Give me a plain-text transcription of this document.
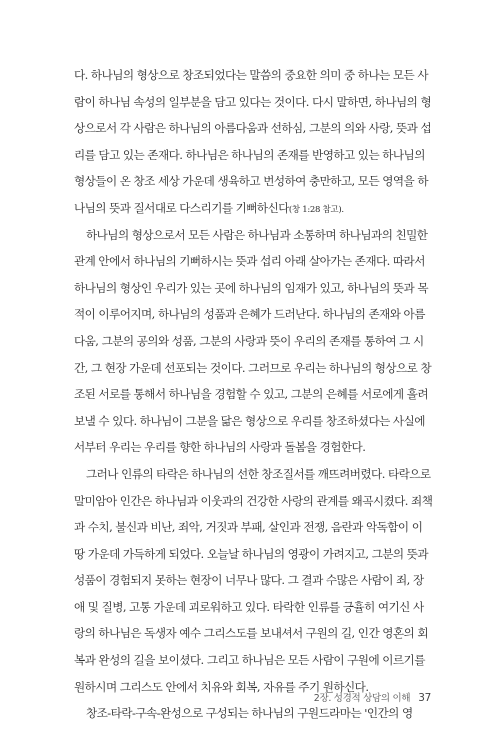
다. 하나님의 형상으로 창조되었다는 말씀의 중요한 의미 중 하나는 모든 사
람이 하나님 속성의 일부분을 담고 있다는 것이다. 다시 말하면, 하나님의 형
상으로서 각 사람은 하나님의 아름다움과 선하심, 그분의 의와 사랑, 뜻과 섭
리를 담고 있는 존재다. 하나님은 하나님의 존재를 반영하고 있는 하나님의
형상들이 온 창조 세상 가운데 생육하고 번성하여 충만하고, 모든 영역을 하
나님의 뜻과 질서대로 다스리기를 기뻐하신다(창 1:28 참고).
하나님의 형상으로서 모든 사람은 하나님과 소통하며 하나님과의 친밀한
관계 안에서 하나님의 기뻐하시는 뜻과 섭리 아래 살아가는 존재다. 따라서
하나님의 형상인 우리가 있는 곳에 하나님의 임재가 있고, 하나님의 뜻과 목
적이 이루어지며, 하나님의 성품과 은혜가 드러난다. 하나님의 존재와 아름
다움, 그분의 공의와 성품, 그분의 사랑과 뜻이 우리의 존재를 통하여 그 시
간, 그 현장 가운데 선포되는 것이다. 그러므로 우리는 하나님의 형상으로 창
조된 서로를 통해서 하나님을 경험할 수 있고, 그분의 은혜를 서로에게 흘려
보낼 수 있다. 하나님이 그분을 닮은 형상으로 우리를 창조하셨다는 사실에
서부터 우리는 우리를 향한 하나님의 사랑과 돌봄을 경험한다.
그러나 인류의 타락은 하나님의 선한 창조질서를 깨뜨려버렸다. 타락으로
말미암아 인간은 하나님과 이웃과의 건강한 사랑의 관계를 왜곡시켰다. 죄책
과 수치, 불신과 비난, 죄악, 거짓과 부패, 살인과 전쟁, 음란과 악독함이 이
땅 가운데 가득하게 되었다. 오늘날 하나님의 영광이 가려지고, 그분의 뜻과
성품이 경험되지 못하는 현장이 너무나 많다. 그 결과 수많은 사람이 죄, 장
애 및 질병, 고통 가운데 괴로워하고 있다. 타락한 인류를 긍휼히 여기신 사
랑의 하나님은 독생자 예수 그리스도를 보내셔서 구원의 길, 인간 영혼의 회
복과 완성의 길을 보이셨다. 그리고 하나님은 모든 사람이 구원에 이르기를
원하시며 그리스도 안에서 치유와 회복, 자유를 주기 원하신다.
창조-타락-구속-완성으로 구성되는 하나님의 구원드라마는 '인간의 영
2장. 성경적 상담의 이해 37
